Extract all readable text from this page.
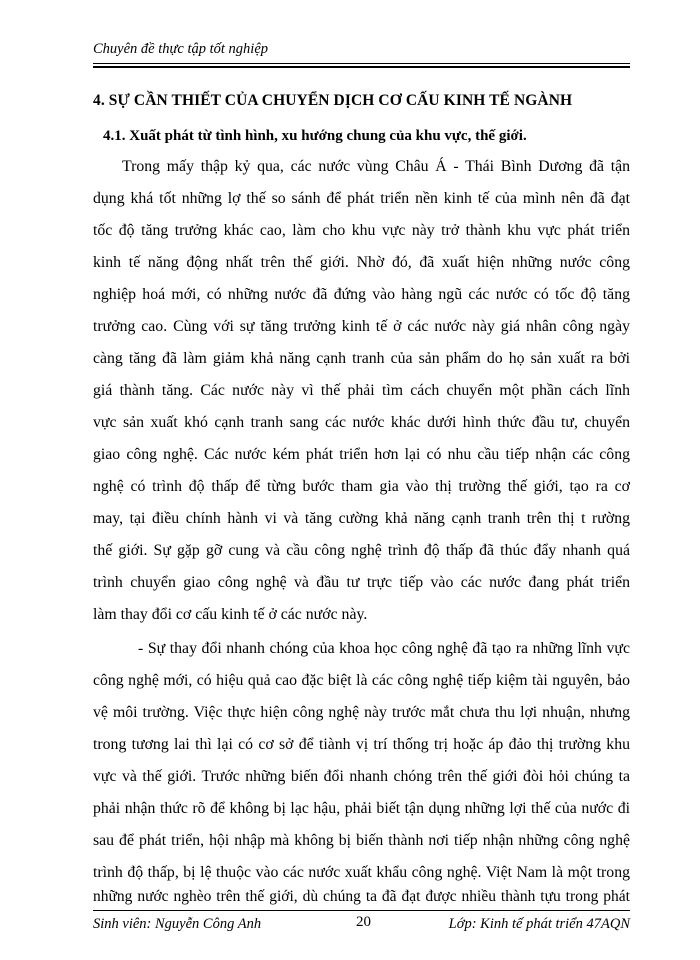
Chuyên đề thực tập tốt nghiệp
4. SỰ CẦN THIẾT CỦA CHUYỂN DỊCH CƠ CẤU KINH TẾ NGÀNH
4.1. Xuất phát từ tình hình, xu hướng chung của khu vực, thế giới.
Trong mấy thập kỷ qua, các nước vùng Châu Á - Thái Bình Dương đã tận
dụng khá tốt những lợ thế so sánh để phát triển nền kinh tế của mình nên đã đạt
tốc độ tăng trưởng khác cao, làm cho khu vực này trở thành khu vực phát triển
kinh tế năng động nhất trên thế giới. Nhờ đó, đã xuất hiện những nước công
nghiệp hoá mới, có những nước đã đứng vào hàng ngũ các nước có tốc độ tăng
trưởng cao. Cùng với sự tăng trưởng kinh tế ở các nước này giá nhân công ngày
càng tăng đã làm giảm khả năng cạnh tranh của sản phẩm do họ sản xuất ra bởi
giá thành tăng. Các nước này vì thế phải tìm cách chuyển một phần cách lĩnh
vực sản xuất khó cạnh tranh sang các nước khác dưới hình thức đầu tư, chuyển
giao công nghệ. Các nước kém phát triển hơn lại có nhu cầu tiếp nhận các công
nghệ có trình độ thấp để từng bước tham gia vào thị trường thế giới, tạo ra cơ
may, tại điều chính hành vi và tăng cường khả năng cạnh tranh trên thị t rường
thế giới. Sự gặp gỡ cung và cầu công nghệ trình độ thấp đã thúc đẩy nhanh quá
trình chuyển giao công nghệ và đầu tư trực tiếp vào các nước đang phát triển
làm thay đổi cơ cấu kinh tế ở các nước này.
- Sự thay đổi nhanh chóng của khoa học công nghệ đã tạo ra những lĩnh vực
công nghệ mới, có hiệu quả cao đặc biệt là các công nghệ tiếp kiệm tài nguyên, bảo
vệ môi trường. Việc thực hiện công nghệ này trước mắt chưa thu lợi nhuận, nhưng
trong tương lai thì lại có cơ sở để tiành vị trí thống trị hoặc áp đảo thị trường khu
vực và thế giới. Trước những biến đổi nhanh chóng trên thế giới đòi hỏi chúng ta
phải nhận thức rõ để không bị lạc hậu, phải biết tận dụng những lợi thế của nước đi
sau để phát triển, hội nhập mà không bị biến thành nơi tiếp nhận những công nghệ
trình độ thấp, bị lệ thuộc vào các nước xuất khẩu công nghệ. Việt Nam là một trong
những nước nghèo trên thế giới, dù chúng ta đã đạt được nhiều thành tựu trong phát
Sinh viên: Nguyễn Công Anh	20	Lớp: Kinh tế phát triển 47AQN
